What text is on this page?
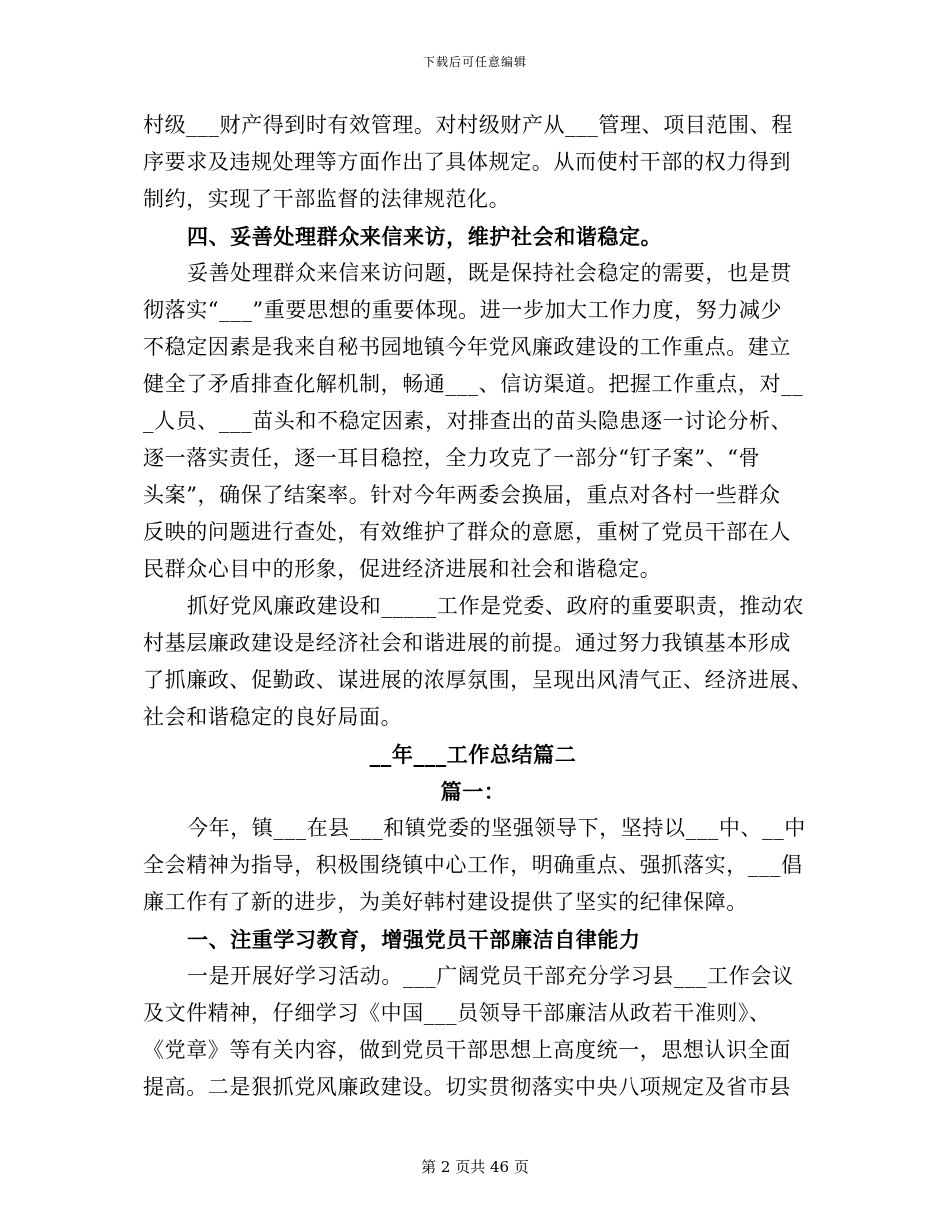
下载后可任意编辑
村级___财产得到时有效管理。对村级财产从___管理、项目范围、程
序要求及违规处理等方面作出了具体规定。从而使村干部的权力得到
制约，实现了干部监督的法律规范化。
四、妥善处理群众来信来访，维护社会和谐稳定。
妥善处理群众来信来访问题，既是保持社会稳定的需要，也是贯
彻落实“___”重要思想的重要体现。进一步加大工作力度，努力减少
不稳定因素是我来自秘书园地镇今年党风廉政建设的工作重点。建立
健全了矛盾排查化解机制，畅通___、信访渠道。把握工作重点，对__
_人员、___苗头和不稳定因素，对排查出的苗头隐患逐一讨论分析、
逐一落实责任，逐一耳目稳控，全力攻克了一部分“钉子案”、“骨
头案”，确保了结案率。针对今年两委会换届，重点对各村一些群众
反映的问题进行查处，有效维护了群众的意愿，重树了党员干部在人
民群众心目中的形象，促进经济进展和社会和谐稳定。
抓好党风廉政建设和_____工作是党委、政府的重要职责，推动农
村基层廉政建设是经济社会和谐进展的前提。通过努力我镇基本形成
了抓廉政、促勤政、谋进展的浓厚氛围，呈现出风清气正、经济进展、
社会和谐稳定的良好局面。
__年___工作总结篇二
篇一：
今年，镇___在县___和镇党委的坚强领导下，坚持以___中、__中
全会精神为指导，积极围绕镇中心工作，明确重点、强抓落实，___倡
廉工作有了新的进步，为美好韩村建设提供了坚实的纪律保障。
一、注重学习教育，增强党员干部廉洁自律能力
一是开展好学习活动。___广阔党员干部充分学习县___工作会议
及文件精神，仔细学习《中国___员领导干部廉洁从政若干准则》、
《党章》等有关内容，做到党员干部思想上高度统一，思想认识全面
提高。二是狠抓党风廉政建设。切实贯彻落实中央八项规定及省市县
第 2 页共 46 页
